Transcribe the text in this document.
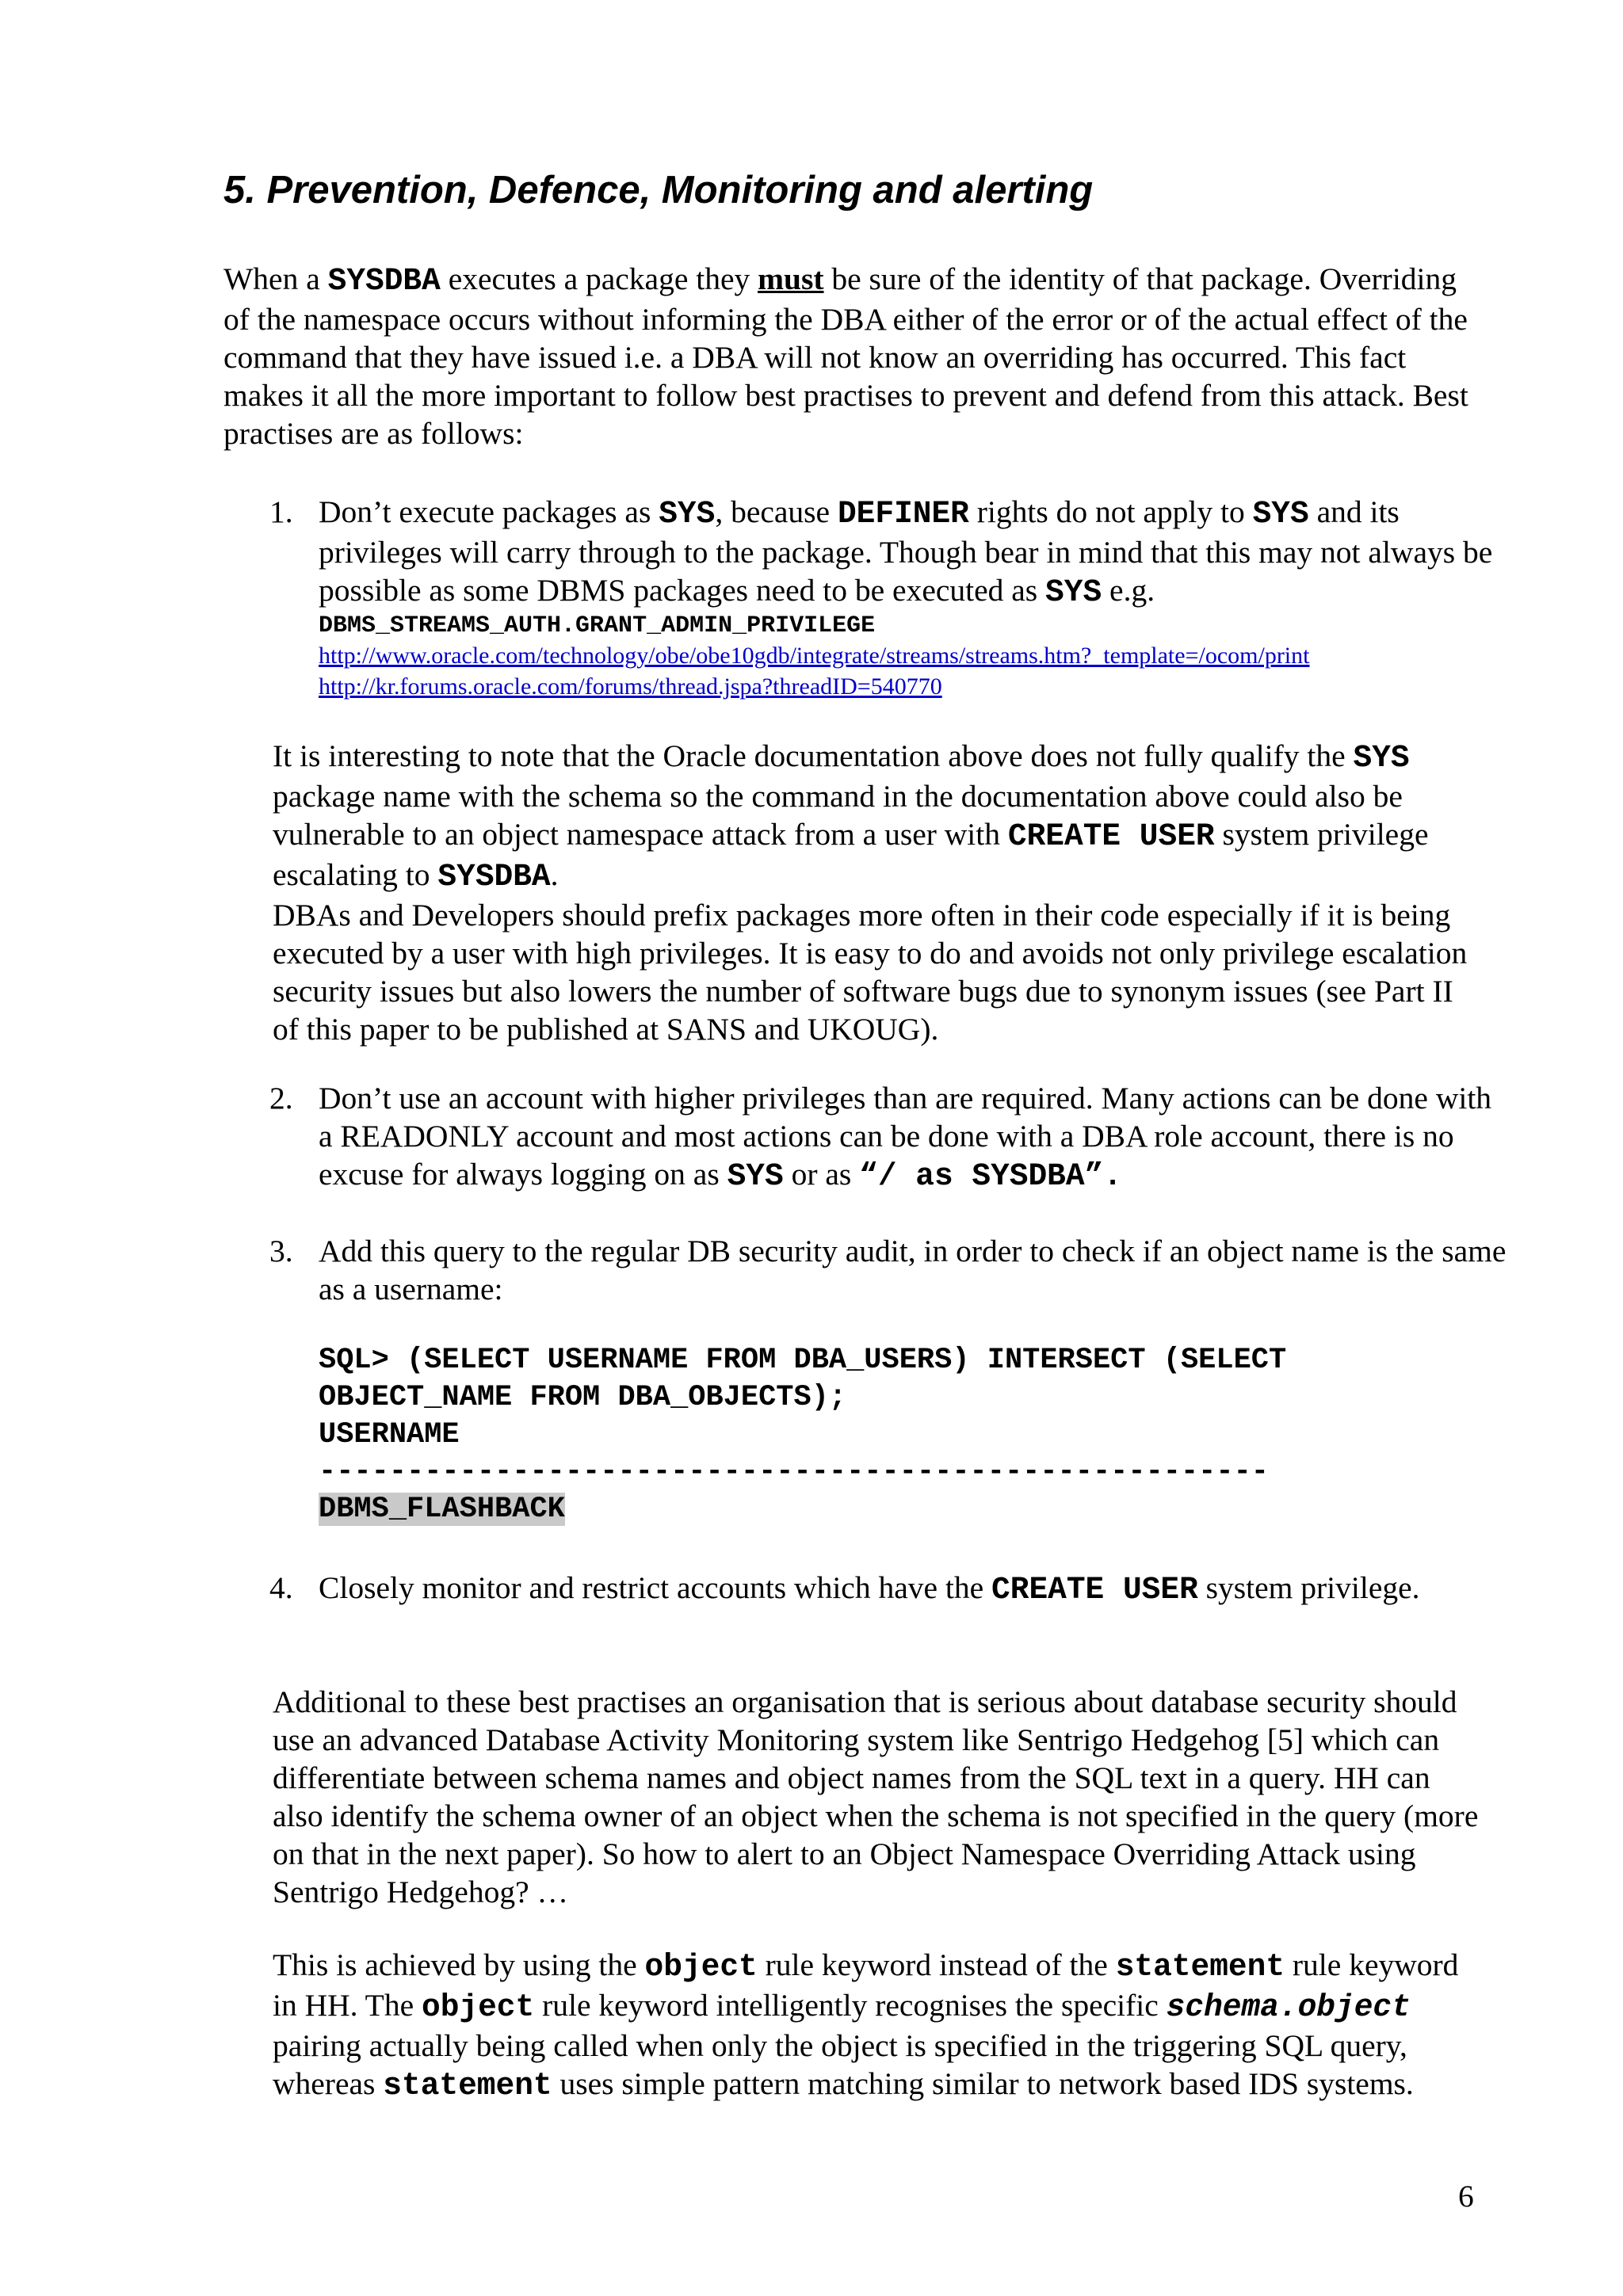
5. Prevention, Defence, Monitoring and alerting

When a SYSDBA executes a package they must be sure of the identity of that package. Overriding of the namespace occurs without informing the DBA either of the error or of the actual effect of the command that they have issued i.e. a DBA will not know an overriding has occurred. This fact makes it all the more important to follow best practises to prevent and defend from this attack. Best practises are as follows:

1. Don’t execute packages as SYS, because DEFINER rights do not apply to SYS and its privileges will carry through to the package. Though bear in mind that this may not always be possible as some DBMS packages need to be executed as SYS e.g.

DBMS_STREAMS_AUTH.GRANT_ADMIN_PRIVILEGE
http://www.oracle.com/technology/obe/obe10gdb/integrate/streams/streams.htm?_template=/ocom/print
http://kr.forums.oracle.com/forums/thread.jspa?threadID=540770

It is interesting to note that the Oracle documentation above does not fully qualify the SYS package name with the schema so the command in the documentation above could also be vulnerable to an object namespace attack from a user with CREATE USER system privilege escalating to SYSDBA.

DBAs and Developers should prefix packages more often in their code especially if it is being executed by a user with high privileges. It is easy to do and avoids not only privilege escalation security issues but also lowers the number of software bugs due to synonym issues (see Part II of this paper to be published at SANS and UKOUG).

2. Don’t use an account with higher privileges than are required. Many actions can be done with a READONLY account and most actions can be done with a DBA role account, there is no excuse for always logging on as SYS or as “/ as SYSDBA”.

3. Add this query to the regular DB security audit, in order to check if an object name is the same as a username:

SQL> (SELECT USERNAME FROM DBA_USERS) INTERSECT (SELECT
OBJECT_NAME FROM DBA_OBJECTS);
USERNAME
------------------------------------------------------
DBMS_FLASHBACK
4. Closely monitor and restrict accounts which have the CREATE USER system privilege.

Additional to these best practises an organisation that is serious about database security should use an advanced Database Activity Monitoring system like Sentrigo Hedgehog [5] which can differentiate between schema names and object names from the SQL text in a query. HH can also identify the schema owner of an object when the schema is not specified in the query (more on that in the next paper). So how to alert to an Object Namespace Overriding Attack using Sentrigo Hedgehog? …

This is achieved by using the object rule keyword instead of the statement rule keyword in HH. The object rule keyword intelligently recognises the specific schema.object pairing actually being called when only the object is specified in the triggering SQL query, whereas statement uses simple pattern matching similar to network based IDS systems.

6
